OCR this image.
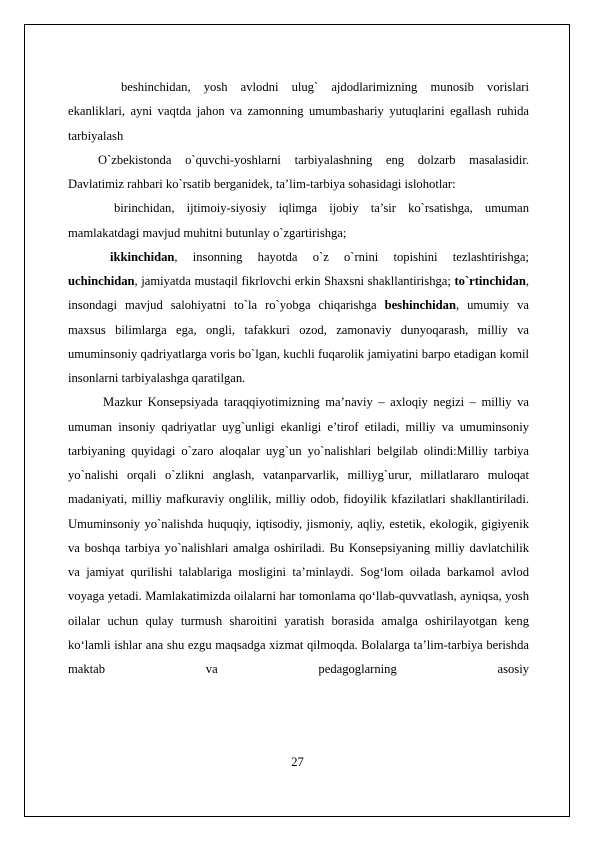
beshinchidan, yosh avlodni ulug` ajdodlarimizning munosib vorislari ekanliklari, ayni vaqtda jahon va zamonning umumbashariy yutuqlarini egallash ruhida tarbiyalash

O`zbekistonda o`quvchi-yoshlarni tarbiyalashning eng dolzarb masalasidir. Davlatimiz rahbari ko`rsatib berganidek, ta’lim-tarbiya sohasidagi islohotlar:

birinchidan, ijtimoiy-siyosiy iqlimga ijobiy ta’sir ko`rsatishga, umuman mamlakatdagi mavjud muhitni butunlay o`zgartirishga;

ikkinchidan, insonning hayotda o`z o`rnini topishini tezlashtirishga; uchinchidan, jamiyatda mustaqil fikrlovchi erkin Shaxsni shakllantirishga; to`rtinchidan, insondagi mavjud salohiyatni to`la ro`yobga chiqarishga beshinchidan, umumiy va maxsus bilimlarga ega, ongli, tafakkuri ozod, zamonaviy dunyoqarash, milliy va umuminsoniy qadriyatlarga voris bo`lgan, kuchli fuqarolik jamiyatini barpo etadigan komil insonlarni tarbiyalashga qaratilgan.

Mazkur Konsepsiyada taraqqiyotimizning ma’naviy – axloqiy negizi – milliy va umuman insoniy qadriyatlar uyg`unligi ekanligi e’tirof etiladi, milliy va umuminsoniy tarbiyaning quyidagi o`zaro aloqalar uyg`un yo`nalishlari belgilab olindi:Milliy tarbiya yo`nalishi orqali o`zlikni anglash, vatanparvarlik, milliyg`urur, millatlararo muloqat madaniyati, milliy mafkuraviy onglilik, milliy odob, fidoyilik kfazilatlari shakllantiriladi. Umuminsoniy yo`nalishda huquqiy, iqtisodiy, jismoniy, aqliy, estetik, ekologik, gigiyenik va boshqa tarbiya yo`nalishlari amalga oshiriladi. Bu Konsepsiyaning milliy davlatchilik va jamiyat qurilishi talablariga mosligini ta’minlaydi. Sog‘lom oilada barkamol avlod voyaga yetadi. Mamlakatimizda oilalarni har tomonlama qo‘llab-quvvatlash, ayniqsa, yosh oilalar uchun qulay turmush sharoitini yaratish borasida amalga oshirilayotgan keng ko‘lamli ishlar ana shu ezgu maqsadga xizmat qilmoqda. Bolalarga ta’lim-tarbiya berishda maktab va pedagoglarning asosiy

27
